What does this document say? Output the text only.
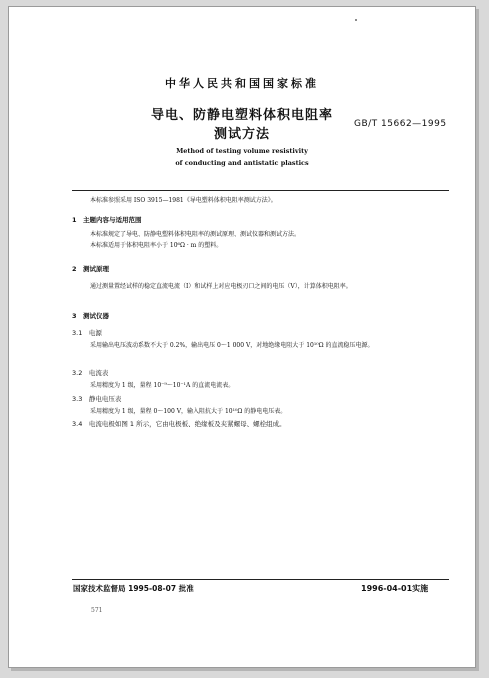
中华人民共和国国家标准
导电、防静电塑料体积电阻率
测试方法
GB/T 15662—1995
Method of testing volume resistivity
of conducting and antistatic plastics
本标准参照采用 ISO 3915—1981《导电塑料体积电阻率测试方法》。
1　主题内容与适用范围
本标准规定了导电、防静电塑料体积电阻率的测试原理、测试仪器和测试方法。
本标准适用于体积电阻率小于 10⁶Ω · m 的塑料。
2　测试原理
通过测量置经试样的稳定直流电流（I）和试样上对应电极刃口之间的电压（V），计算体积电阻率。
3　测试仪器
3.1　电源
采用输出电压波动系数不大于 0.2%，输出电压 0～1 000 V，对地绝缘电阻大于 10¹⁰Ω 的直流稳压电源。
3.2　电流表
采用精度为 1 级，量程 10⁻⁹～10⁻¹A 的直流电流表。
3.3　静电电压表
采用精度为 1 级，量程 0～100 V，输入阻抗大于 10¹⁰Ω 的静电电压表。
3.4　电流电极如图 1 所示，它由电极板、绝缘板及夹紧螺母、螺栓组成。
国家技术监督局 1995-08-07 批准	1996-04-01实施
571
